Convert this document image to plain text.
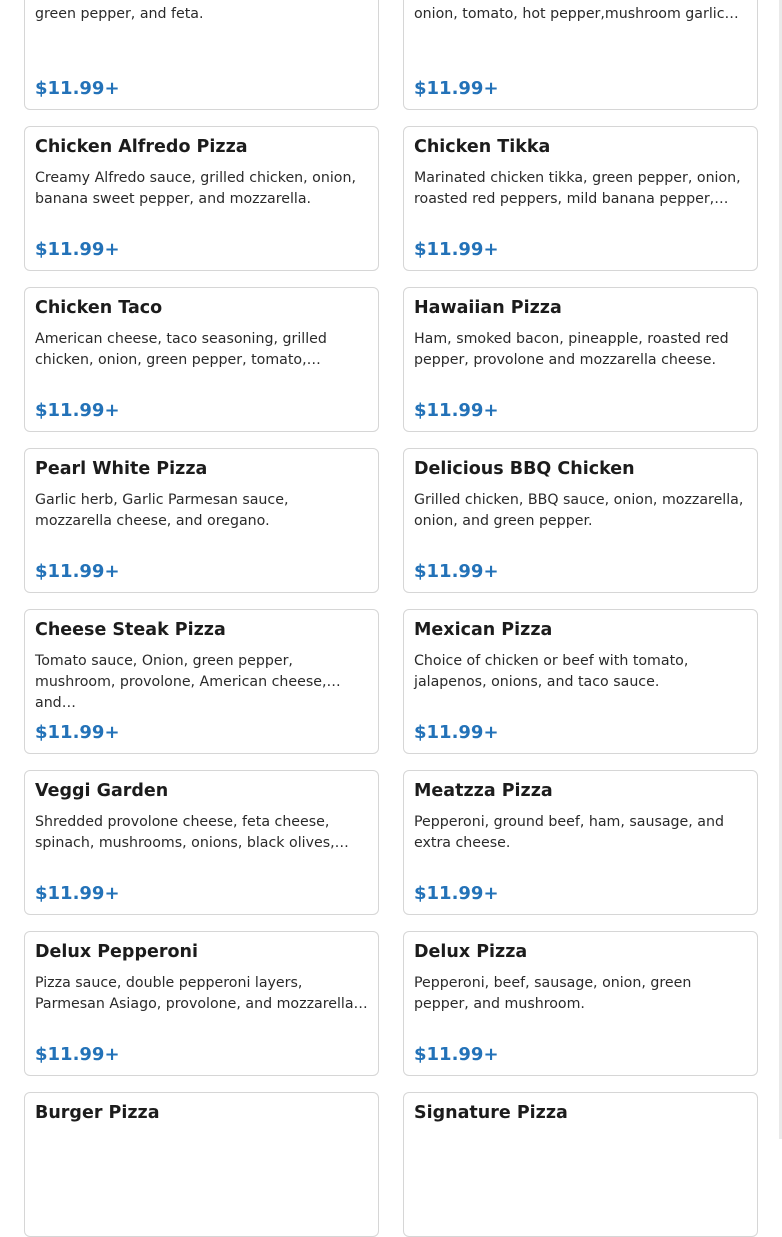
green pepper, and feta.
$11.99+
onion, tomato, hot pepper,mushroom garlic…
$11.99+
Chicken Alfredo Pizza
Creamy Alfredo sauce, grilled chicken, onion, banana sweet pepper, and mozzarella.
$11.99+
Chicken Tikka
Marinated chicken tikka, green pepper, onion, roasted red peppers, mild banana pepper,…
$11.99+
Chicken Taco
American cheese, taco seasoning, grilled chicken, onion, green pepper, tomato,…
$11.99+
Hawaiian Pizza
Ham, smoked bacon, pineapple, roasted red pepper, provolone and mozzarella cheese.
$11.99+
Pearl White Pizza
Garlic herb, Garlic Parmesan sauce, mozzarella cheese, and oregano.
$11.99+
Delicious BBQ Chicken
Grilled chicken, BBQ sauce, onion, mozzarella, onion, and green pepper.
$11.99+
Cheese Steak Pizza
Tomato sauce, Onion, green pepper, mushroom, provolone, American cheese, and…
$11.99+
Mexican Pizza
Choice of chicken or beef with tomato, jalapenos, onions, and taco sauce.
$11.99+
Veggi Garden
Shredded provolone cheese, feta cheese, spinach, mushrooms, onions, black olives,…
$11.99+
Meatzza Pizza
Pepperoni, ground beef, ham, sausage, and extra cheese.
$11.99+
Delux Pepperoni
Pizza sauce, double pepperoni layers, Parmesan Asiago, provolone, and mozzarella…
$11.99+
Delux Pizza
Pepperoni, beef, sausage, onion, green pepper, and mushroom.
$11.99+
Burger Pizza	Signature Pizza
